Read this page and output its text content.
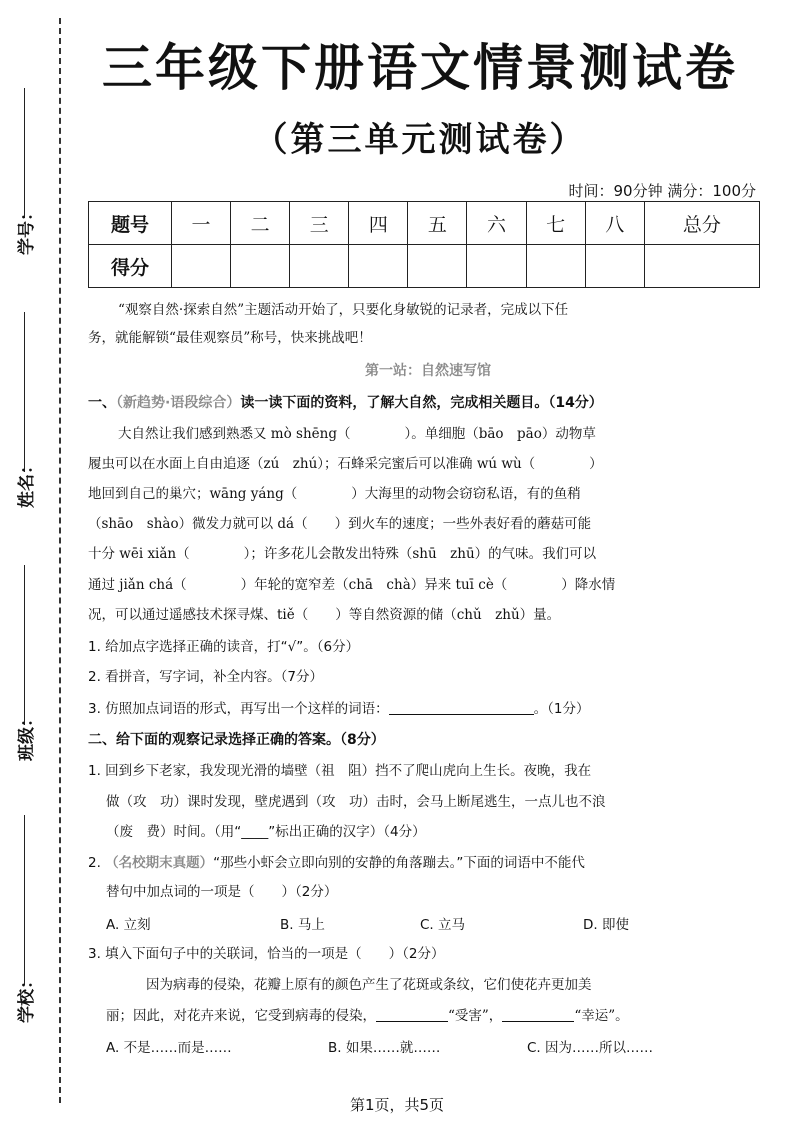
学号：
姓名：
班级：
学校：
三年级下册语文情景测试卷
（第三单元测试卷）
时间：90分钟 满分：100分
题号	一	二	三	四	五	六	七	八	总分
得分									
“观察自然·探索自然”主题活动开始了，只要化身敏锐的记录者，完成以下任
务，就能解锁“最佳观察员”称号，快来挑战吧！
第一站：自然速写馆
一、（新趋势·语段综合）读一读下面的资料，了解大自然，完成相关题目。（14分）
大自然让我们感到熟悉又 mò shēng（　　　　）。单细胞（bāo　pāo）动物草
履虫可以在水面上自由追逐（zú　zhú）；石蜂采完蜜后可以准确 wú wù（　　　　）
地回到自己的巢穴；wāng yáng（　　　　）大海里的动物会窃窃私语，有的鱼稍
（shāo　shào）微发力就可以 dá（　　）到火车的速度；一些外表好看的蘑菇可能
十分 wēi xiǎn（　　　　）；许多花儿会散发出特殊（shū　zhū）的气味。我们可以
通过 jiǎn chá（　　　　）年轮的宽窄差（chā　chà）异来 tuī cè（　　　　）降水情
况，可以通过遥感技术探寻煤、tiě（　　）等自然资源的储（chǔ　zhǔ）量。
1. 给加点字选择正确的读音，打“√”。（6分）
2. 看拼音，写字词，补全内容。（7分）
3. 仿照加点词语的形式，再写出一个这样的词语：	。（1分）
二、给下面的观察记录选择正确的答案。（8分）
1. 回到乡下老家，我发现光滑的墙壁（祖　阻）挡不了爬山虎向上生长。夜晚，我在
做（攻　功）课时发现，壁虎遇到（攻　功）击时，会马上断尾逃生，一点儿也不浪
（废　费）时间。（用“____”标出正确的汉字）（4分）
2. （名校期末真题）“那些小虾会立即向别的安静的角落蹦去。”下面的词语中不能代
替句中加点词的一项是（　　）（2分）
A. 立刻	B. 马上	C. 立马	D. 即使
3. 填入下面句子中的关联词，恰当的一项是（　　）（2分）
因为病毒的侵染，花瓣上原有的颜色产生了花斑或条纹，它们使花卉更加美
丽；因此，对花卉来说，它受到病毒的侵染，	“受害”，	“幸运”。
A. 不是……而是……	B. 如果……就……	C. 因为……所以……
第1页，共5页
